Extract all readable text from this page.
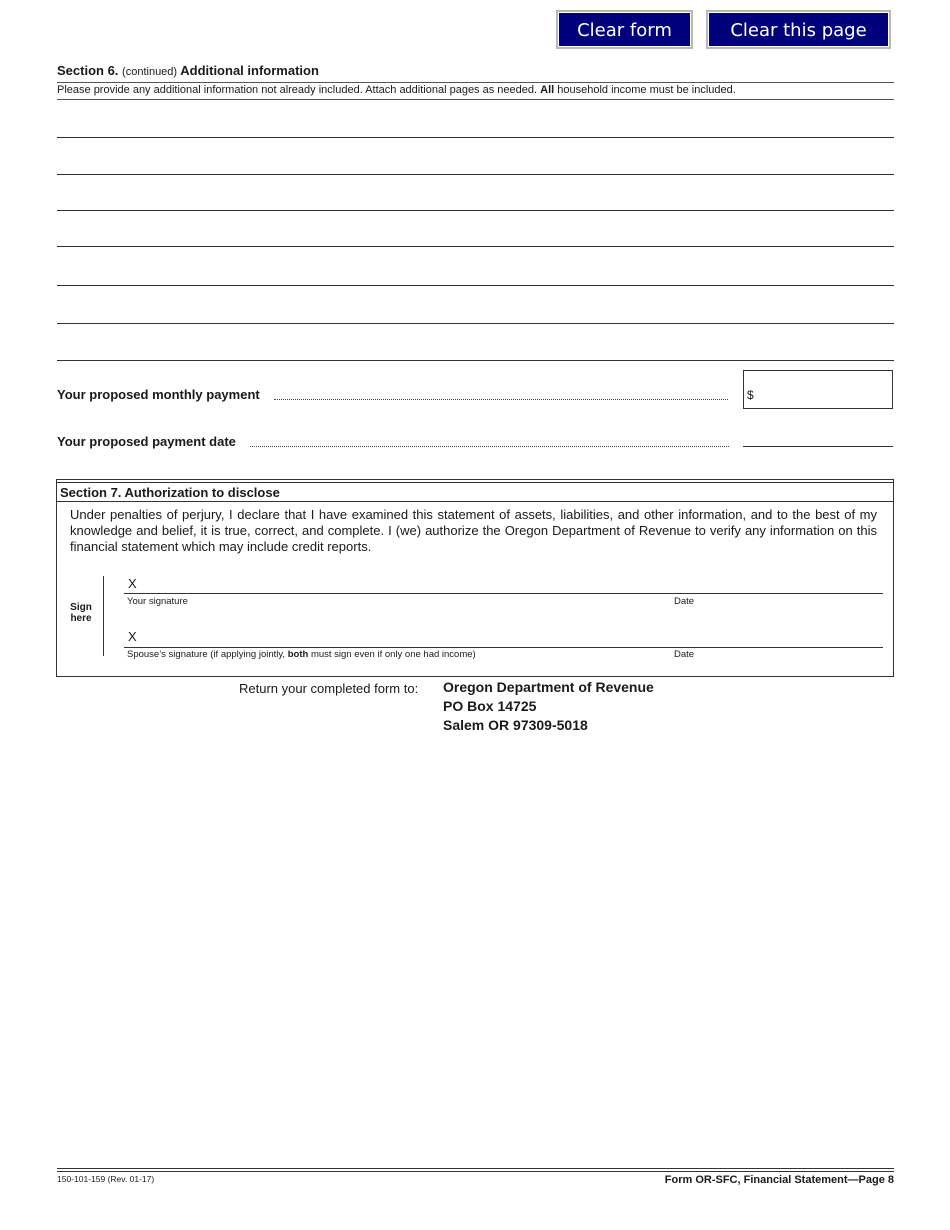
Clear form	Clear this page
Section 6. (continued) Additional information
Please provide any additional information not already included. Attach additional pages as needed. All household income must be included.
Your proposed monthly payment	$
Your proposed payment date
Section 7. Authorization to disclose
Under penalties of perjury, I declare that I have examined this statement of assets, liabilities, and other information, and to the best of my knowledge and belief, it is true, correct, and complete. I (we) authorize the Oregon Department of Revenue to verify any information on this financial statement which may include credit reports.
Sign here
X
Your signature	Date
X
Spouse’s signature (if applying jointly, both must sign even if only one had income)	Date
Return your completed form to: Oregon Department of Revenue
PO Box 14725
Salem OR 97309-5018
150-101-159 (Rev. 01-17)	Form OR-SFC, Financial Statement—Page 8
